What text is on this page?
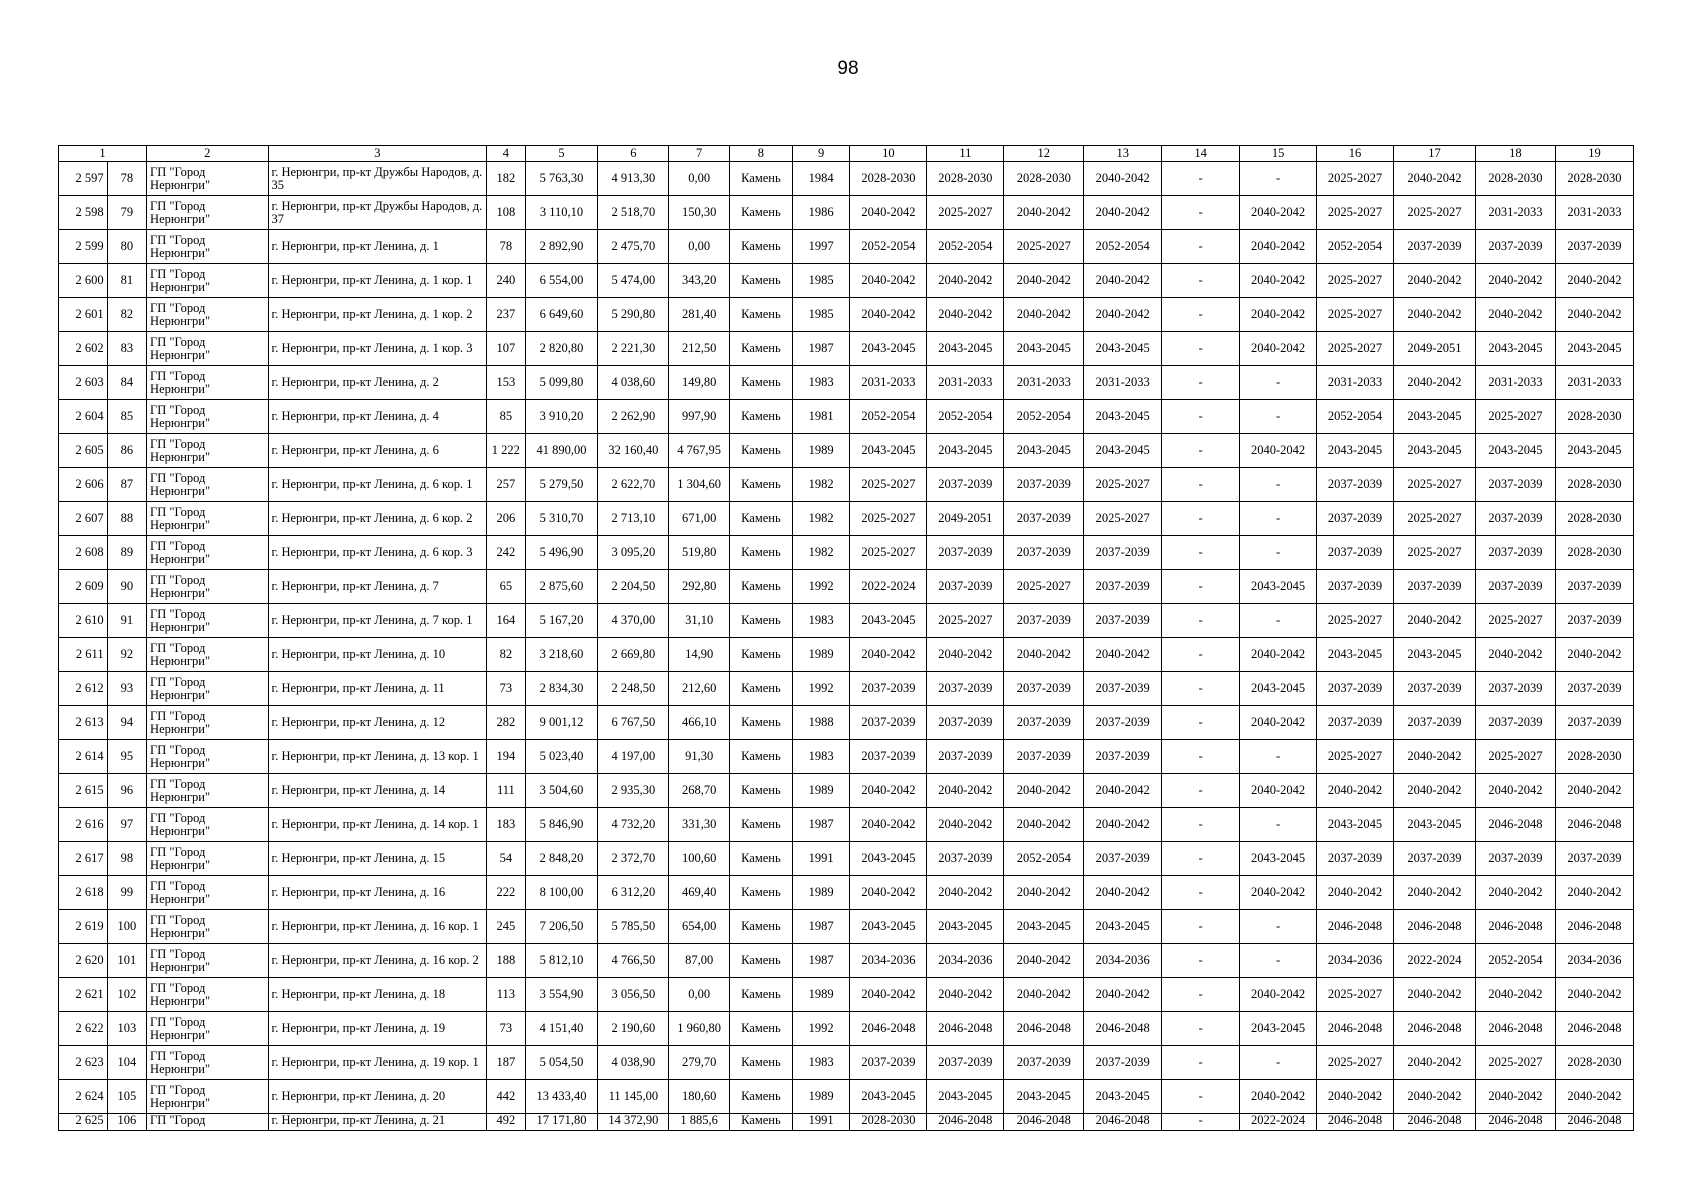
98
1		2	3	4	5	6	7	8	9	10	11	12	13	14	15	16	17	18	19
2 597	78	ГП "Город Нерюнгри"	г. Нерюнгри, пр-кт Дружбы Народов, д. 35	182	5 763,30	4 913,30	0,00	Камень	1984	2028-2030	2028-2030	2028-2030	2040-2042	-	-	2025-2027	2040-2042	2028-2030	2028-2030
2 598	79	ГП "Город Нерюнгри"	г. Нерюнгри, пр-кт Дружбы Народов, д. 37	108	3 110,10	2 518,70	150,30	Камень	1986	2040-2042	2025-2027	2040-2042	2040-2042	-	2040-2042	2025-2027	2025-2027	2031-2033	2031-2033
2 599	80	ГП "Город Нерюнгри"	г. Нерюнгри, пр-кт Ленина, д. 1	78	2 892,90	2 475,70	0,00	Камень	1997	2052-2054	2052-2054	2025-2027	2052-2054	-	2040-2042	2052-2054	2037-2039	2037-2039	2037-2039
2 600	81	ГП "Город Нерюнгри"	г. Нерюнгри, пр-кт Ленина, д. 1 кор. 1	240	6 554,00	5 474,00	343,20	Камень	1985	2040-2042	2040-2042	2040-2042	2040-2042	-	2040-2042	2025-2027	2040-2042	2040-2042	2040-2042
2 601	82	ГП "Город Нерюнгри"	г. Нерюнгри, пр-кт Ленина, д. 1 кор. 2	237	6 649,60	5 290,80	281,40	Камень	1985	2040-2042	2040-2042	2040-2042	2040-2042	-	2040-2042	2025-2027	2040-2042	2040-2042	2040-2042
2 602	83	ГП "Город Нерюнгри"	г. Нерюнгри, пр-кт Ленина, д. 1 кор. 3	107	2 820,80	2 221,30	212,50	Камень	1987	2043-2045	2043-2045	2043-2045	2043-2045	-	2040-2042	2025-2027	2049-2051	2043-2045	2043-2045
2 603	84	ГП "Город Нерюнгри"	г. Нерюнгри, пр-кт Ленина, д. 2	153	5 099,80	4 038,60	149,80	Камень	1983	2031-2033	2031-2033	2031-2033	2031-2033	-	-	2031-2033	2040-2042	2031-2033	2031-2033
2 604	85	ГП "Город Нерюнгри"	г. Нерюнгри, пр-кт Ленина, д. 4	85	3 910,20	2 262,90	997,90	Камень	1981	2052-2054	2052-2054	2052-2054	2043-2045	-	-	2052-2054	2043-2045	2025-2027	2028-2030
2 605	86	ГП "Город Нерюнгри"	г. Нерюнгри, пр-кт Ленина, д. 6	1 222	41 890,00	32 160,40	4 767,95	Камень	1989	2043-2045	2043-2045	2043-2045	2043-2045	-	2040-2042	2043-2045	2043-2045	2043-2045	2043-2045
2 606	87	ГП "Город Нерюнгри"	г. Нерюнгри, пр-кт Ленина, д. 6 кор. 1	257	5 279,50	2 622,70	1 304,60	Камень	1982	2025-2027	2037-2039	2037-2039	2025-2027	-	-	2037-2039	2025-2027	2037-2039	2028-2030
2 607	88	ГП "Город Нерюнгри"	г. Нерюнгри, пр-кт Ленина, д. 6 кор. 2	206	5 310,70	2 713,10	671,00	Камень	1982	2025-2027	2049-2051	2037-2039	2025-2027	-	-	2037-2039	2025-2027	2037-2039	2028-2030
2 608	89	ГП "Город Нерюнгри"	г. Нерюнгри, пр-кт Ленина, д. 6 кор. 3	242	5 496,90	3 095,20	519,80	Камень	1982	2025-2027	2037-2039	2037-2039	2037-2039	-	-	2037-2039	2025-2027	2037-2039	2028-2030
2 609	90	ГП "Город Нерюнгри"	г. Нерюнгри, пр-кт Ленина, д. 7	65	2 875,60	2 204,50	292,80	Камень	1992	2022-2024	2037-2039	2025-2027	2037-2039	-	2043-2045	2037-2039	2037-2039	2037-2039	2037-2039
2 610	91	ГП "Город Нерюнгри"	г. Нерюнгри, пр-кт Ленина, д. 7 кор. 1	164	5 167,20	4 370,00	31,10	Камень	1983	2043-2045	2025-2027	2037-2039	2037-2039	-	-	2025-2027	2040-2042	2025-2027	2037-2039
2 611	92	ГП "Город Нерюнгри"	г. Нерюнгри, пр-кт Ленина, д. 10	82	3 218,60	2 669,80	14,90	Камень	1989	2040-2042	2040-2042	2040-2042	2040-2042	-	2040-2042	2043-2045	2043-2045	2040-2042	2040-2042
2 612	93	ГП "Город Нерюнгри"	г. Нерюнгри, пр-кт Ленина, д. 11	73	2 834,30	2 248,50	212,60	Камень	1992	2037-2039	2037-2039	2037-2039	2037-2039	-	2043-2045	2037-2039	2037-2039	2037-2039	2037-2039
2 613	94	ГП "Город Нерюнгри"	г. Нерюнгри, пр-кт Ленина, д. 12	282	9 001,12	6 767,50	466,10	Камень	1988	2037-2039	2037-2039	2037-2039	2037-2039	-	2040-2042	2037-2039	2037-2039	2037-2039	2037-2039
2 614	95	ГП "Город Нерюнгри"	г. Нерюнгри, пр-кт Ленина, д. 13 кор. 1	194	5 023,40	4 197,00	91,30	Камень	1983	2037-2039	2037-2039	2037-2039	2037-2039	-	-	2025-2027	2040-2042	2025-2027	2028-2030
2 615	96	ГП "Город Нерюнгри"	г. Нерюнгри, пр-кт Ленина, д. 14	111	3 504,60	2 935,30	268,70	Камень	1989	2040-2042	2040-2042	2040-2042	2040-2042	-	2040-2042	2040-2042	2040-2042	2040-2042	2040-2042
2 616	97	ГП "Город Нерюнгри"	г. Нерюнгри, пр-кт Ленина, д. 14 кор. 1	183	5 846,90	4 732,20	331,30	Камень	1987	2040-2042	2040-2042	2040-2042	2040-2042	-	-	2043-2045	2043-2045	2046-2048	2046-2048
2 617	98	ГП "Город Нерюнгри"	г. Нерюнгри, пр-кт Ленина, д. 15	54	2 848,20	2 372,70	100,60	Камень	1991	2043-2045	2037-2039	2052-2054	2037-2039	-	2043-2045	2037-2039	2037-2039	2037-2039	2037-2039
2 618	99	ГП "Город Нерюнгри"	г. Нерюнгри, пр-кт Ленина, д. 16	222	8 100,00	6 312,20	469,40	Камень	1989	2040-2042	2040-2042	2040-2042	2040-2042	-	2040-2042	2040-2042	2040-2042	2040-2042	2040-2042
2 619	100	ГП "Город Нерюнгри"	г. Нерюнгри, пр-кт Ленина, д. 16 кор. 1	245	7 206,50	5 785,50	654,00	Камень	1987	2043-2045	2043-2045	2043-2045	2043-2045	-	-	2046-2048	2046-2048	2046-2048	2046-2048
2 620	101	ГП "Город Нерюнгри"	г. Нерюнгри, пр-кт Ленина, д. 16 кор. 2	188	5 812,10	4 766,50	87,00	Камень	1987	2034-2036	2034-2036	2040-2042	2034-2036	-	-	2034-2036	2022-2024	2052-2054	2034-2036
2 621	102	ГП "Город Нерюнгри"	г. Нерюнгри, пр-кт Ленина, д. 18	113	3 554,90	3 056,50	0,00	Камень	1989	2040-2042	2040-2042	2040-2042	2040-2042	-	2040-2042	2025-2027	2040-2042	2040-2042	2040-2042
2 622	103	ГП "Город Нерюнгри"	г. Нерюнгри, пр-кт Ленина, д. 19	73	4 151,40	2 190,60	1 960,80	Камень	1992	2046-2048	2046-2048	2046-2048	2046-2048	-	2043-2045	2046-2048	2046-2048	2046-2048	2046-2048
2 623	104	ГП "Город Нерюнгри"	г. Нерюнгри, пр-кт Ленина, д. 19 кор. 1	187	5 054,50	4 038,90	279,70	Камень	1983	2037-2039	2037-2039	2037-2039	2037-2039	-	-	2025-2027	2040-2042	2025-2027	2028-2030
2 624	105	ГП "Город Нерюнгри"	г. Нерюнгри, пр-кт Ленина, д. 20	442	13 433,40	11 145,00	180,60	Камень	1989	2043-2045	2043-2045	2043-2045	2043-2045	-	2040-2042	2040-2042	2040-2042	2040-2042	2040-2042
2 625	106	ГП "Город	г. Нерюнгри, пр-кт Ленина, д. 21	492	17 171,80	14 372,90	1 885,6	Камень	1991	2028-2030	2046-2048	2046-2048	2046-2048	-	2022-2024	2046-2048	2046-2048	2046-2048	2046-2048
